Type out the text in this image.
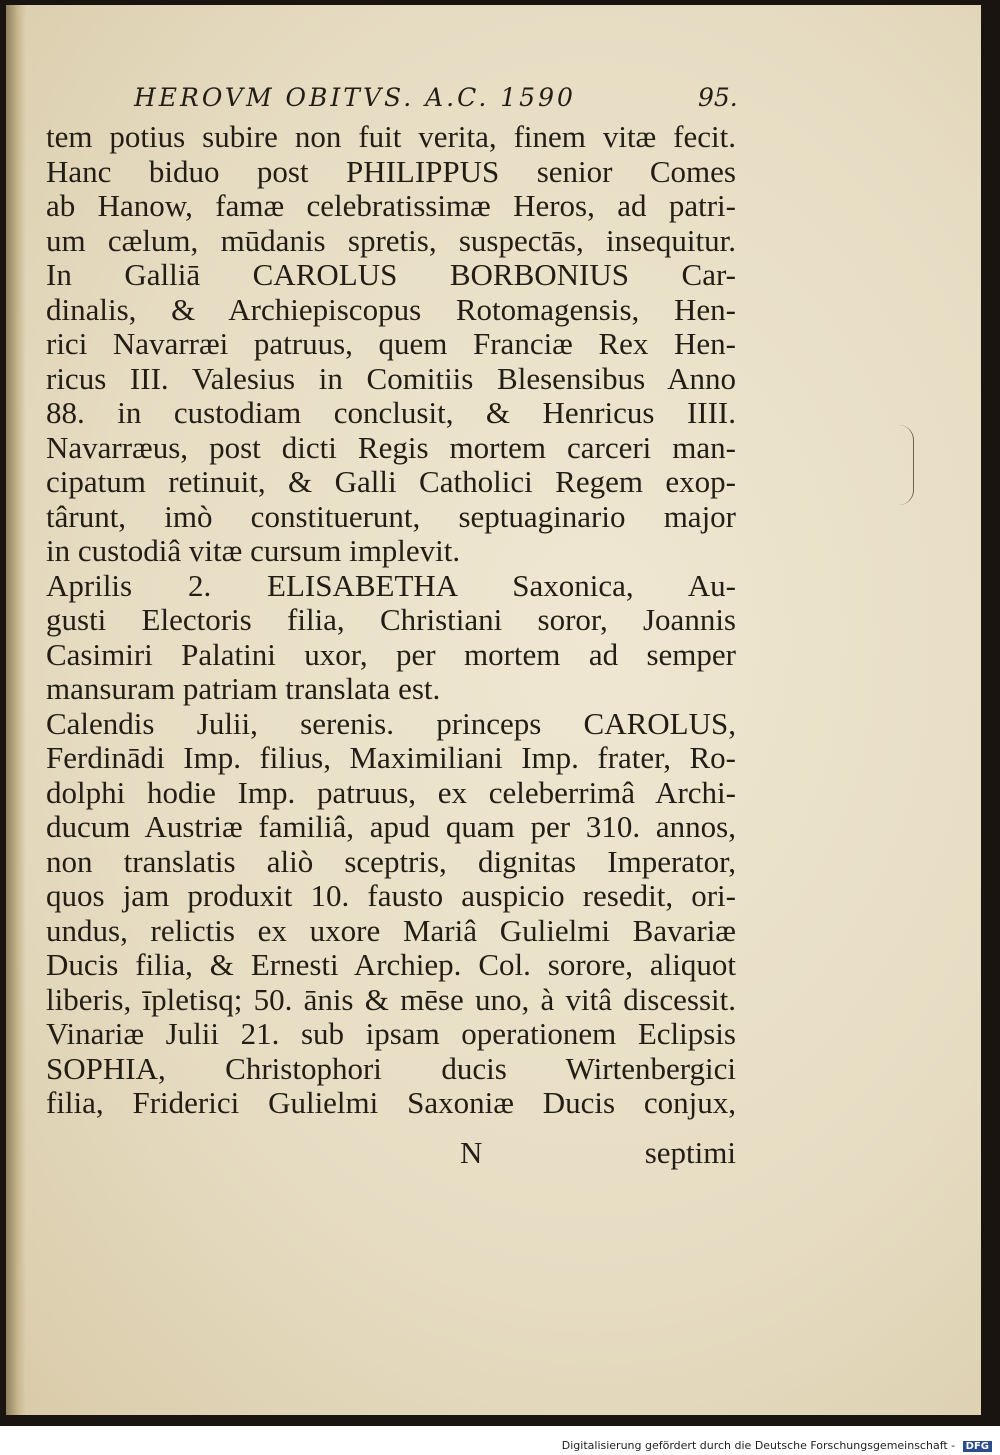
HEROVM OBITVS. A.C. 1590	95.
tem potius subire non fuit verita, finem vitæ fecit.
Hanc biduo post PHILIPPUS senior Comes
ab Hanow, famæ celebratissimæ Heros, ad patri-
um cælum, mūdanis spretis, suspectās, insequitur.
In Galliā CAROLUS BORBONIUS Car-
dinalis, & Archiepiscopus Rotomagensis, Hen-
rici Navarræi patruus, quem Franciæ Rex Hen-
ricus III. Valesius in Comitiis Blesensibus Anno
88. in custodiam conclusit, & Henricus IIII.
Navarræus, post dicti Regis mortem carceri man-
cipatum retinuit, & Galli Catholici Regem exop-
târunt, imò constituerunt, septuaginario major
in custodiâ vitæ cursum implevit.
Aprilis 2. ELISABETHA Saxonica, Au-
gusti Electoris filia, Christiani soror, Joannis
Casimiri Palatini uxor, per mortem ad semper
mansuram patriam translata est.
Calendis Julii, serenis. princeps CAROLUS,
Ferdinādi Imp. filius, Maximiliani Imp. frater, Ro-
dolphi hodie Imp. patruus, ex celeberrimâ Archi-
ducum Austriæ familiâ, apud quam per 310. annos,
non translatis aliò sceptris, dignitas Imperator,
quos jam produxit 10. fausto auspicio resedit, ori-
undus, relictis ex uxore Mariâ Gulielmi Bavariæ
Ducis filia, & Ernesti Archiep. Col. sorore, aliquot
liberis, īpletisq; 50. ānis & mēse uno, à vitâ discessit.
Vinariæ Julii 21. sub ipsam operationem Eclipsis
SOPHIA, Christophori ducis Wirtenbergici
filia, Friderici Gulielmi Saxoniæ Ducis conjux,
N	septimi
Digitalisierung gefördert durch die Deutsche Forschungsgemeinschaft - DFG
